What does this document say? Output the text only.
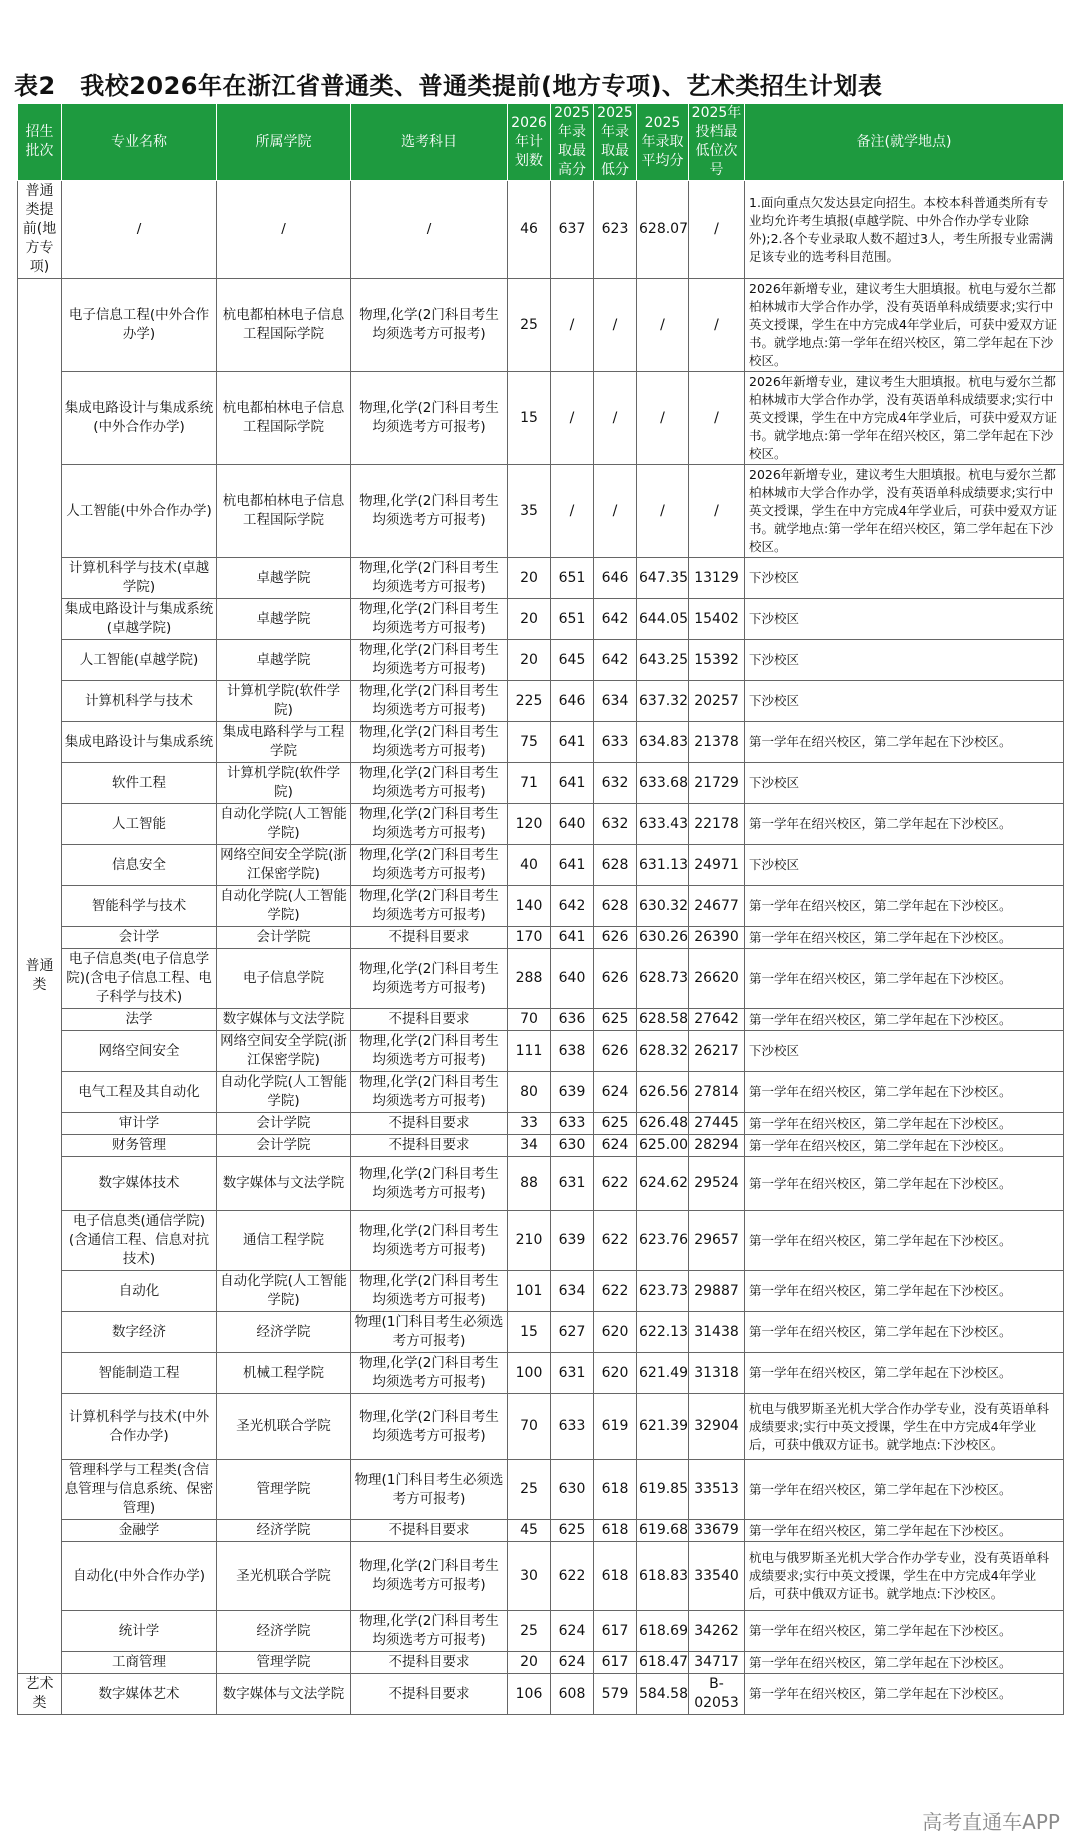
表2　我校2026年在浙江省普通类、普通类提前(地方专项)、艺术类招生计划表
招生批次	专业名称	所属学院	选考科目	2026年计划数	2025年录取最高分	2025年录取最低分	2025年录取平均分	2025年投档最低位次号	备注(就学地点)
普通类提前(地方专项)	/	/	/	46	637	623	628.07	/	1.面向重点欠发达县定向招生。本校本科普通类所有专业均允许考生填报(卓越学院、中外合作办学专业除外);2.各个专业录取人数不超过3人，考生所报专业需满足该专业的选考科目范围。
普通类	电子信息工程(中外合作办学)	杭电都柏林电子信息工程国际学院	物理,化学(2门科目考生均须选考方可报考)	25	/	/	/	/	2026年新增专业，建议考生大胆填报。杭电与爱尔兰都柏林城市大学合作办学，没有英语单科成绩要求;实行中英文授课，学生在中方完成4年学业后，可获中爱双方证书。就学地点:第一学年在绍兴校区，第二学年起在下沙校区。
	集成电路设计与集成系统(中外合作办学)	杭电都柏林电子信息工程国际学院	物理,化学(2门科目考生均须选考方可报考)	15	/	/	/	/	2026年新增专业，建议考生大胆填报。杭电与爱尔兰都柏林城市大学合作办学，没有英语单科成绩要求;实行中英文授课，学生在中方完成4年学业后，可获中爱双方证书。就学地点:第一学年在绍兴校区，第二学年起在下沙校区。
	人工智能(中外合作办学)	杭电都柏林电子信息工程国际学院	物理,化学(2门科目考生均须选考方可报考)	35	/	/	/	/	2026年新增专业，建议考生大胆填报。杭电与爱尔兰都柏林城市大学合作办学，没有英语单科成绩要求;实行中英文授课，学生在中方完成4年学业后，可获中爱双方证书。就学地点:第一学年在绍兴校区，第二学年起在下沙校区。
	计算机科学与技术(卓越学院)	卓越学院	物理,化学(2门科目考生均须选考方可报考)	20	651	646	647.35	13129	下沙校区
	集成电路设计与集成系统(卓越学院)	卓越学院	物理,化学(2门科目考生均须选考方可报考)	20	651	642	644.05	15402	下沙校区
	人工智能(卓越学院)	卓越学院	物理,化学(2门科目考生均须选考方可报考)	20	645	642	643.25	15392	下沙校区
	计算机科学与技术	计算机学院(软件学院)	物理,化学(2门科目考生均须选考方可报考)	225	646	634	637.32	20257	下沙校区
	集成电路设计与集成系统	集成电路科学与工程学院	物理,化学(2门科目考生均须选考方可报考)	75	641	633	634.83	21378	第一学年在绍兴校区，第二学年起在下沙校区。
	软件工程	计算机学院(软件学院)	物理,化学(2门科目考生均须选考方可报考)	71	641	632	633.68	21729	下沙校区
	人工智能	自动化学院(人工智能学院)	物理,化学(2门科目考生均须选考方可报考)	120	640	632	633.43	22178	第一学年在绍兴校区，第二学年起在下沙校区。
	信息安全	网络空间安全学院(浙江保密学院)	物理,化学(2门科目考生均须选考方可报考)	40	641	628	631.13	24971	下沙校区
	智能科学与技术	自动化学院(人工智能学院)	物理,化学(2门科目考生均须选考方可报考)	140	642	628	630.32	24677	第一学年在绍兴校区，第二学年起在下沙校区。
	会计学	会计学院	不提科目要求	170	641	626	630.26	26390	第一学年在绍兴校区，第二学年起在下沙校区。
	电子信息类(电子信息学院)(含电子信息工程、电子科学与技术)	电子信息学院	物理,化学(2门科目考生均须选考方可报考)	288	640	626	628.73	26620	第一学年在绍兴校区，第二学年起在下沙校区。
	法学	数字媒体与文法学院	不提科目要求	70	636	625	628.58	27642	第一学年在绍兴校区，第二学年起在下沙校区。
	网络空间安全	网络空间安全学院(浙江保密学院)	物理,化学(2门科目考生均须选考方可报考)	111	638	626	628.32	26217	下沙校区
	电气工程及其自动化	自动化学院(人工智能学院)	物理,化学(2门科目考生均须选考方可报考)	80	639	624	626.56	27814	第一学年在绍兴校区，第二学年起在下沙校区。
	审计学	会计学院	不提科目要求	33	633	625	626.48	27445	第一学年在绍兴校区，第二学年起在下沙校区。
	财务管理	会计学院	不提科目要求	34	630	624	625.00	28294	第一学年在绍兴校区，第二学年起在下沙校区。
	数字媒体技术	数字媒体与文法学院	物理,化学(2门科目考生均须选考方可报考)	88	631	622	624.62	29524	第一学年在绍兴校区，第二学年起在下沙校区。
	电子信息类(通信学院)(含通信工程、信息对抗技术)	通信工程学院	物理,化学(2门科目考生均须选考方可报考)	210	639	622	623.76	29657	第一学年在绍兴校区，第二学年起在下沙校区。
	自动化	自动化学院(人工智能学院)	物理,化学(2门科目考生均须选考方可报考)	101	634	622	623.73	29887	第一学年在绍兴校区，第二学年起在下沙校区。
	数字经济	经济学院	物理(1门科目考生必须选考方可报考)	15	627	620	622.13	31438	第一学年在绍兴校区，第二学年起在下沙校区。
	智能制造工程	机械工程学院	物理,化学(2门科目考生均须选考方可报考)	100	631	620	621.49	31318	第一学年在绍兴校区，第二学年起在下沙校区。
	计算机科学与技术(中外合作办学)	圣光机联合学院	物理,化学(2门科目考生均须选考方可报考)	70	633	619	621.39	32904	杭电与俄罗斯圣光机大学合作办学专业，没有英语单科成绩要求;实行中英文授课，学生在中方完成4年学业后，可获中俄双方证书。就学地点:下沙校区。
	管理科学与工程类(含信息管理与信息系统、保密管理)	管理学院	物理(1门科目考生必须选考方可报考)	25	630	618	619.85	33513	第一学年在绍兴校区，第二学年起在下沙校区。
	金融学	经济学院	不提科目要求	45	625	618	619.68	33679	第一学年在绍兴校区，第二学年起在下沙校区。
	自动化(中外合作办学)	圣光机联合学院	物理,化学(2门科目考生均须选考方可报考)	30	622	618	618.83	33540	杭电与俄罗斯圣光机大学合作办学专业，没有英语单科成绩要求;实行中英文授课，学生在中方完成4年学业后，可获中俄双方证书。就学地点:下沙校区。
	统计学	经济学院	物理,化学(2门科目考生均须选考方可报考)	25	624	617	618.69	34262	第一学年在绍兴校区，第二学年起在下沙校区。
	工商管理	管理学院	不提科目要求	20	624	617	618.47	34717	第一学年在绍兴校区，第二学年起在下沙校区。
艺术类	数字媒体艺术	数字媒体与文法学院	不提科目要求	106	608	579	584.58	B-02053	第一学年在绍兴校区，第二学年起在下沙校区。
高考直通车APP
